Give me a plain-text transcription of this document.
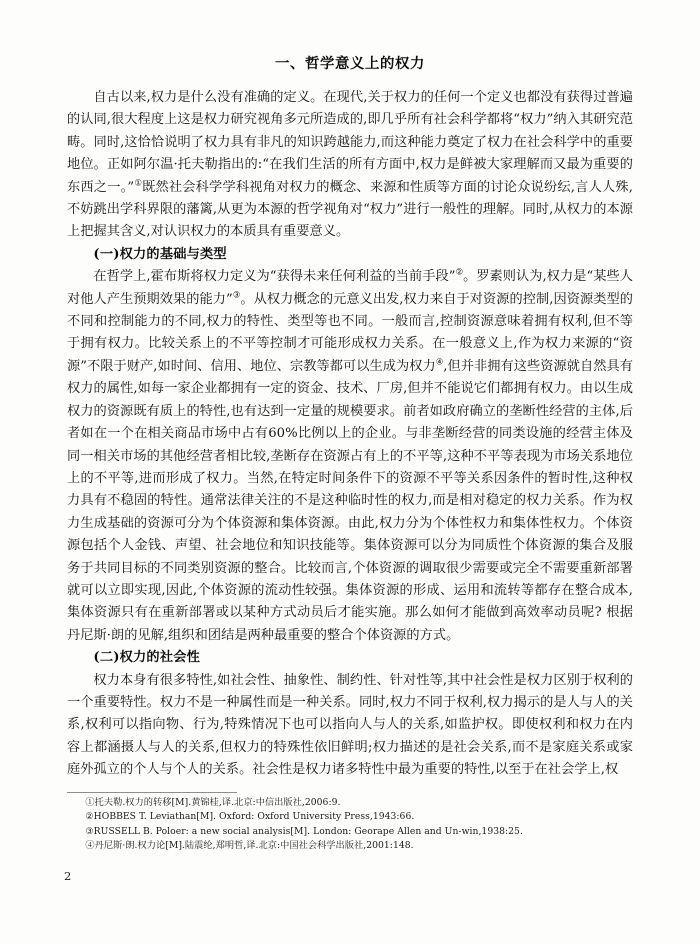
一、哲学意义上的权力

自古以来,权力是什么没有准确的定义。在现代,关于权力的任何一个定义也都没有获得过普遍的认同,很大程度上这是权力研究视角多元所造成的,即几乎所有社会科学都将“权力”纳入其研究范畴。同时,这恰恰说明了权力具有非凡的知识跨越能力,而这种能力奠定了权力在社会科学中的重要地位。正如阿尔温·托夫勒指出的:“在我们生活的所有方面中,权力是鲜被大家理解而又最为重要的东西之一。”①既然社会科学学科视角对权力的概念、来源和性质等方面的讨论众说纷纭,言人人殊,不妨跳出学科界限的藩篱,从更为本源的哲学视角对“权力”进行一般性的理解。同时,从权力的本源上把握其含义,对认识权力的本质具有重要意义。

(一)权力的基础与类型

在哲学上,霍布斯将权力定义为“获得未来任何利益的当前手段”②。罗素则认为,权力是“某些人对他人产生预期效果的能力”③。从权力概念的元意义出发,权力来自于对资源的控制,因资源类型的不同和控制能力的不同,权力的特性、类型等也不同。一般而言,控制资源意味着拥有权利,但不等于拥有权力。比较关系上的不平等控制才可能形成权力关系。在一般意义上,作为权力来源的“资源”不限于财产,如时间、信用、地位、宗教等都可以生成为权力④,但并非拥有这些资源就自然具有权力的属性,如每一家企业都拥有一定的资金、技术、厂房,但并不能说它们都拥有权力。由以生成权力的资源既有质上的特性,也有达到一定量的规模要求。前者如政府确立的垄断性经营的主体,后者如在一个在相关商品市场中占有60%比例以上的企业。与非垄断经营的同类设施的经营主体及同一相关市场的其他经营者相比较,垄断存在资源占有上的不平等,这种不平等表现为市场关系地位上的不平等,进而形成了权力。当然,在特定时间条件下的资源不平等关系因条件的暂时性,这种权力具有不稳固的特性。通常法律关注的不是这种临时性的权力,而是相对稳定的权力关系。作为权力生成基础的资源可分为个体资源和集体资源。由此,权力分为个体性权力和集体性权力。个体资源包括个人金钱、声望、社会地位和知识技能等。集体资源可以分为同质性个体资源的集合及服务于共同目标的不同类别资源的整合。比较而言,个体资源的调取很少需要或完全不需要重新部署就可以立即实现,因此,个体资源的流动性较强。集体资源的形成、运用和流转等都存在整合成本,集体资源只有在重新部署或以某种方式动员后才能实施。那么如何才能做到高效率动员呢? 根据丹尼斯·朗的见解,组织和团结是两种最重要的整合个体资源的方式。

(二)权力的社会性

权力本身有很多特性,如社会性、抽象性、制约性、针对性等,其中社会性是权力区别于权利的一个重要特性。权力不是一种属性而是一种关系。同时,权力不同于权利,权力揭示的是人与人的关系,权利可以指向物、行为,特殊情况下也可以指向人与人的关系,如监护权。即使权利和权力在内容上都涵摄人与人的关系,但权力的特殊性依旧鲜明;权力描述的是社会关系,而不是家庭关系或家庭外孤立的个人与个人的关系。社会性是权力诸多特性中最为重要的特性,以至于在社会学上,权

①托夫勒.权力的转移[M].黄锦桂,译.北京:中信出版社,2006:9.

②HOBBES T. Leviathan[M]. Oxford: Oxford University Press,1943:66.

③RUSSELL B. Poloer: a new social analysis[M]. London: Georape Allen and Un-win,1938:25.

④丹尼斯·朗.权力论[M].陆震纶,郑明哲,译.北京:中国社会科学出版社,2001:148.

2
